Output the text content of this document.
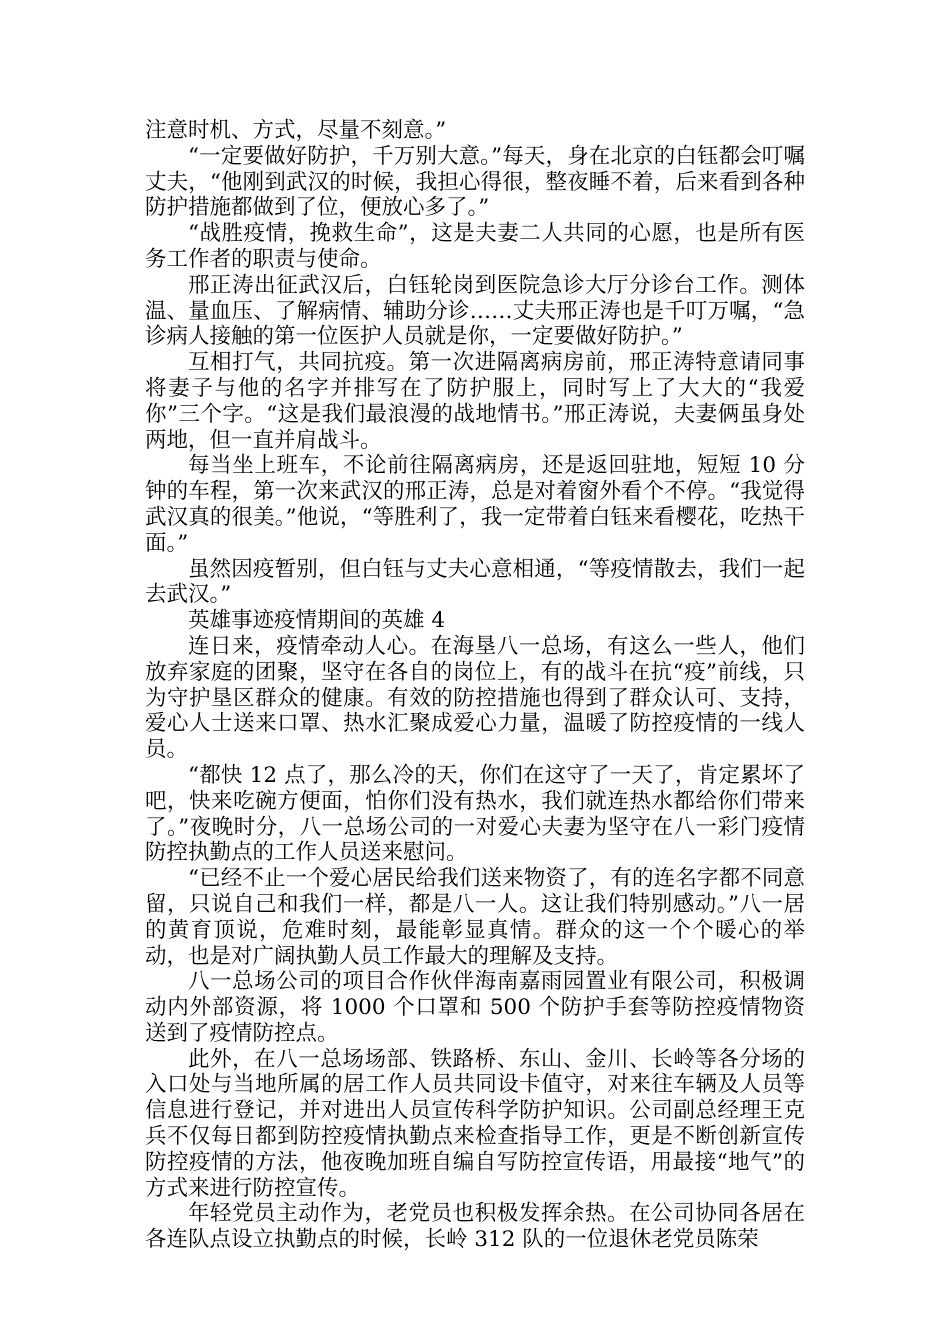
注意时机、方式，尽量不刻意。”

“一定要做好防护，千万别大意。”每天，身在北京的白钰都会叮嘱丈夫，“他刚到武汉的时候，我担心得很，整夜睡不着，后来看到各种防护措施都做到了位，便放心多了。”

“战胜疫情，挽救生命”，这是夫妻二人共同的心愿，也是所有医务工作者的职责与使命。

邢正涛出征武汉后，白钰轮岗到医院急诊大厅分诊台工作。测体温、量血压、了解病情、辅助分诊……丈夫邢正涛也是千叮万嘱，“急诊病人接触的第一位医护人员就是你，一定要做好防护。”

互相打气，共同抗疫。第一次进隔离病房前，邢正涛特意请同事将妻子与他的名字并排写在了防护服上，同时写上了大大的“我爱你”三个字。“这是我们最浪漫的战地情书。”邢正涛说，夫妻俩虽身处两地，但一直并肩战斗。

每当坐上班车，不论前往隔离病房，还是返回驻地，短短 10 分钟的车程，第一次来武汉的邢正涛，总是对着窗外看个不停。“我觉得武汉真的很美。”他说，“等胜利了，我一定带着白钰来看樱花，吃热干面。”

虽然因疫暂别，但白钰与丈夫心意相通，“等疫情散去，我们一起去武汉。”

英雄事迹疫情期间的英雄 4

连日来，疫情牵动人心。在海垦八一总场，有这么一些人，他们放弃家庭的团聚，坚守在各自的岗位上，有的战斗在抗“疫”前线，只为守护垦区群众的健康。有效的防控措施也得到了群众认可、支持，爱心人士送来口罩、热水汇聚成爱心力量，温暖了防控疫情的一线人员。

“都快 12 点了，那么冷的天，你们在这守了一天了，肯定累坏了吧，快来吃碗方便面，怕你们没有热水，我们就连热水都给你们带来了。”夜晚时分，八一总场公司的一对爱心夫妻为坚守在八一彩门疫情防控执勤点的工作人员送来慰问。

“已经不止一个爱心居民给我们送来物资了，有的连名字都不同意留，只说自己和我们一样，都是八一人。这让我们特别感动。”八一居的黄育顶说，危难时刻，最能彰显真情。群众的这一个个暖心的举动，也是对广阔执勤人员工作最大的理解及支持。

八一总场公司的项目合作伙伴海南嘉雨园置业有限公司，积极调动内外部资源，将 1000 个口罩和 500 个防护手套等防控疫情物资送到了疫情防控点。

此外，在八一总场场部、铁路桥、东山、金川、长岭等各分场的入口处与当地所属的居工作人员共同设卡值守，对来往车辆及人员等信息进行登记，并对进出人员宣传科学防护知识。公司副总经理王克兵不仅每日都到防控疫情执勤点来检查指导工作，更是不断创新宣传防控疫情的方法，他夜晚加班自编自写防控宣传语，用最接“地气”的方式来进行防控宣传。

年轻党员主动作为，老党员也积极发挥余热。在公司协同各居在各连队点设立执勤点的时候，长岭 312 队的一位退休老党员陈荣
